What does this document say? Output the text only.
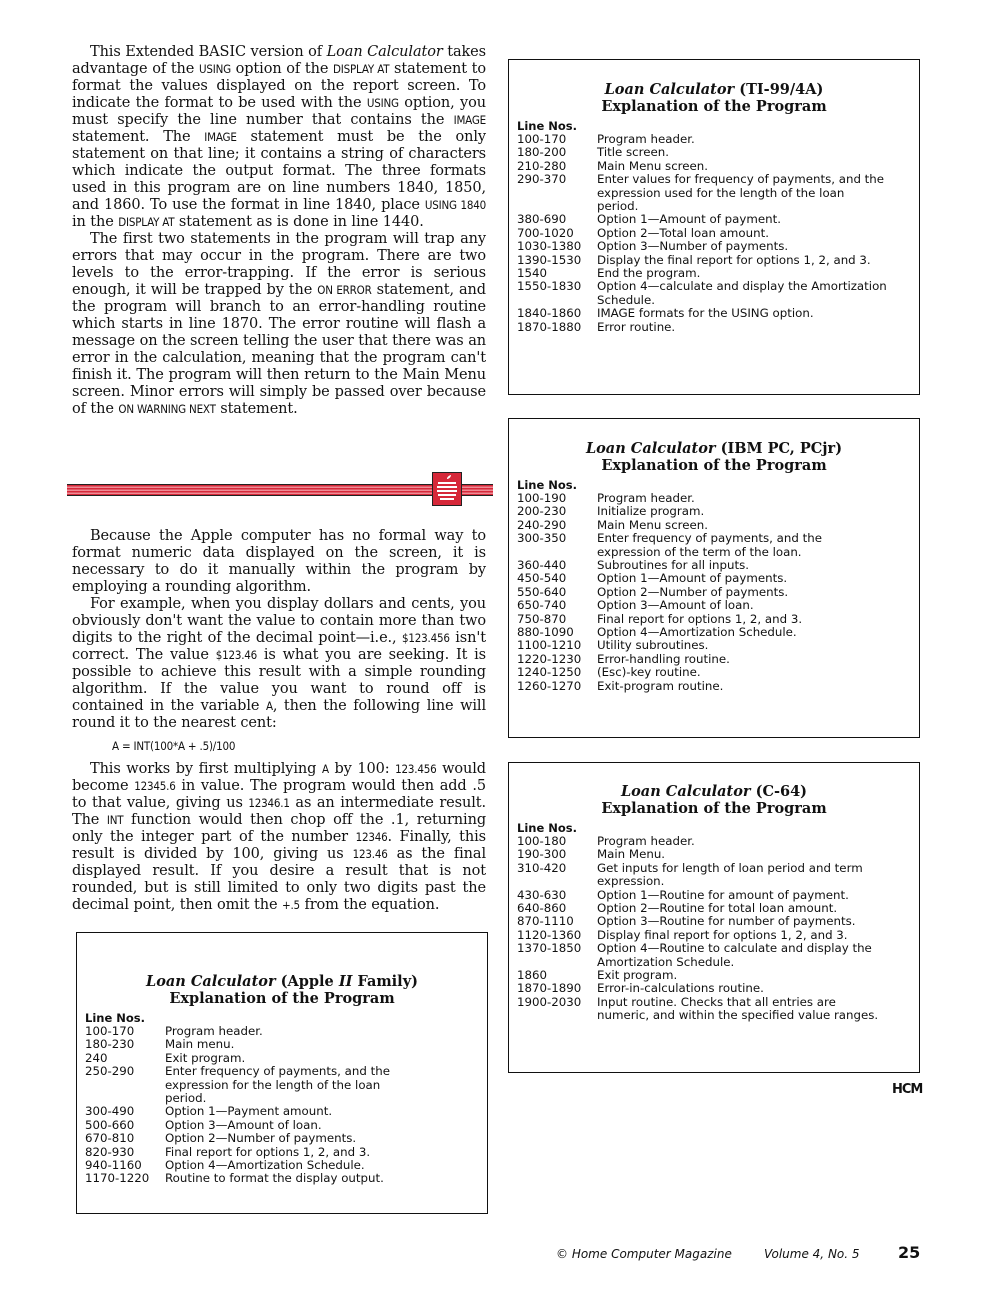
This Extended BASIC version of Loan Calculator takes advantage of the USING option of the DISPLAY AT statement to format the values displayed on the report screen. To indicate the format to be used with the USING option, you must specify the line number that contains the IMAGE statement. The IMAGE statement must be the only statement on that line; it contains a string of characters which indicate the output format. The three formats used in this program are on line numbers 1840, 1850, and 1860. To use the format in line 1840, place USING 1840 in the DISPLAY AT statement as is done in line 1440.

The first two statements in the program will trap any errors that may occur in the program. There are two levels to the error-trapping. If the error is serious enough, it will be trapped by the ON ERROR statement, and the program will branch to an error-handling routine which starts in line 1870. The error routine will flash a message on the screen telling the user that there was an error in the calculation, meaning that the program can't finish it. The program will then return to the Main Menu screen. Minor errors will simply be passed over because of the ON WARNING NEXT statement.

Because the Apple computer has no formal way to format numeric data displayed on the screen, it is necessary to do it manually within the program by employing a rounding algorithm.

For example, when you display dollars and cents, you obviously don't want the value to contain more than two digits to the right of the decimal point—i.e., $123.456 isn't correct. The value $123.46 is what you are seeking. It is possible to achieve this result with a simple rounding algorithm. If the value you want to round off is contained in the variable A, then the following line will round it to the nearest cent:

A = INT(100*A + .5)/100

This works by first multiplying A by 100: 123.456 would become 12345.6 in value. The program would then add .5 to that value, giving us 12346.1 as an intermediate result. The INT function would then chop off the .1, returning only the integer part of the number 12346. Finally, this result is divided by 100, giving us 123.46 as the final displayed result. If you desire a result that is not rounded, but is still limited to only two digits past the decimal point, then omit the +.5 from the equation.

Loan Calculator (TI-99/4A)
Explanation of the Program
Line Nos.
100-170	Program header.
180-200	Title screen.
210-280	Main Menu screen.
290-370	Enter values for frequency of payments, and the expression used for the length of the loan period.
380-690	Option 1—Amount of payment.
700-1020	Option 2—Total loan amount.
1030-1380	Option 3—Number of payments.
1390-1530	Display the final report for options 1, 2, and 3.
1540	End the program.
1550-1830	Option 4—calculate and display the Amortization Schedule.
1840-1860	IMAGE formats for the USING option.
1870-1880	Error routine.
Loan Calculator (IBM PC, PCjr)
Explanation of the Program
Line Nos.
100-190	Program header.
200-230	Initialize program.
240-290	Main Menu screen.
300-350	Enter frequency of payments, and the expression of the term of the loan.
360-440	Subroutines for all inputs.
450-540	Option 1—Amount of payments.
550-640	Option 2—Number of payments.
650-740	Option 3—Amount of loan.
750-870	Final report for options 1, 2, and 3.
880-1090	Option 4—Amortization Schedule.
1100-1210	Utility subroutines.
1220-1230	Error-handling routine.
1240-1250	(Esc)-key routine.
1260-1270	Exit-program routine.
Loan Calculator (C-64)
Explanation of the Program
Line Nos.
100-180	Program header.
190-300	Main Menu.
310-420	Get inputs for length of loan period and term expression.
430-630	Option 1—Routine for amount of payment.
640-860	Option 2—Routine for total loan amount.
870-1110	Option 3—Routine for number of payments.
1120-1360	Display final report for options 1, 2, and 3.
1370-1850	Option 4—Routine to calculate and display the Amortization Schedule.
1860	Exit program.
1870-1890	Error-in-calculations routine.
1900-2030	Input routine. Checks that all entries are numeric, and within the specified value ranges.
Loan Calculator (Apple II Family)
Explanation of the Program
Line Nos.
100-170	Program header.
180-230	Main menu.
240	Exit program.
250-290	Enter frequency of payments, and the expression for the length of the loan period.
300-490	Option 1—Payment amount.
500-660	Option 3—Amount of loan.
670-810	Option 2—Number of payments.
820-930	Final report for options 1, 2, and 3.
940-1160	Option 4—Amortization Schedule.
1170-1220	Routine to format the display output.
HCM
© Home Computer Magazine	Volume 4, No. 5 25
